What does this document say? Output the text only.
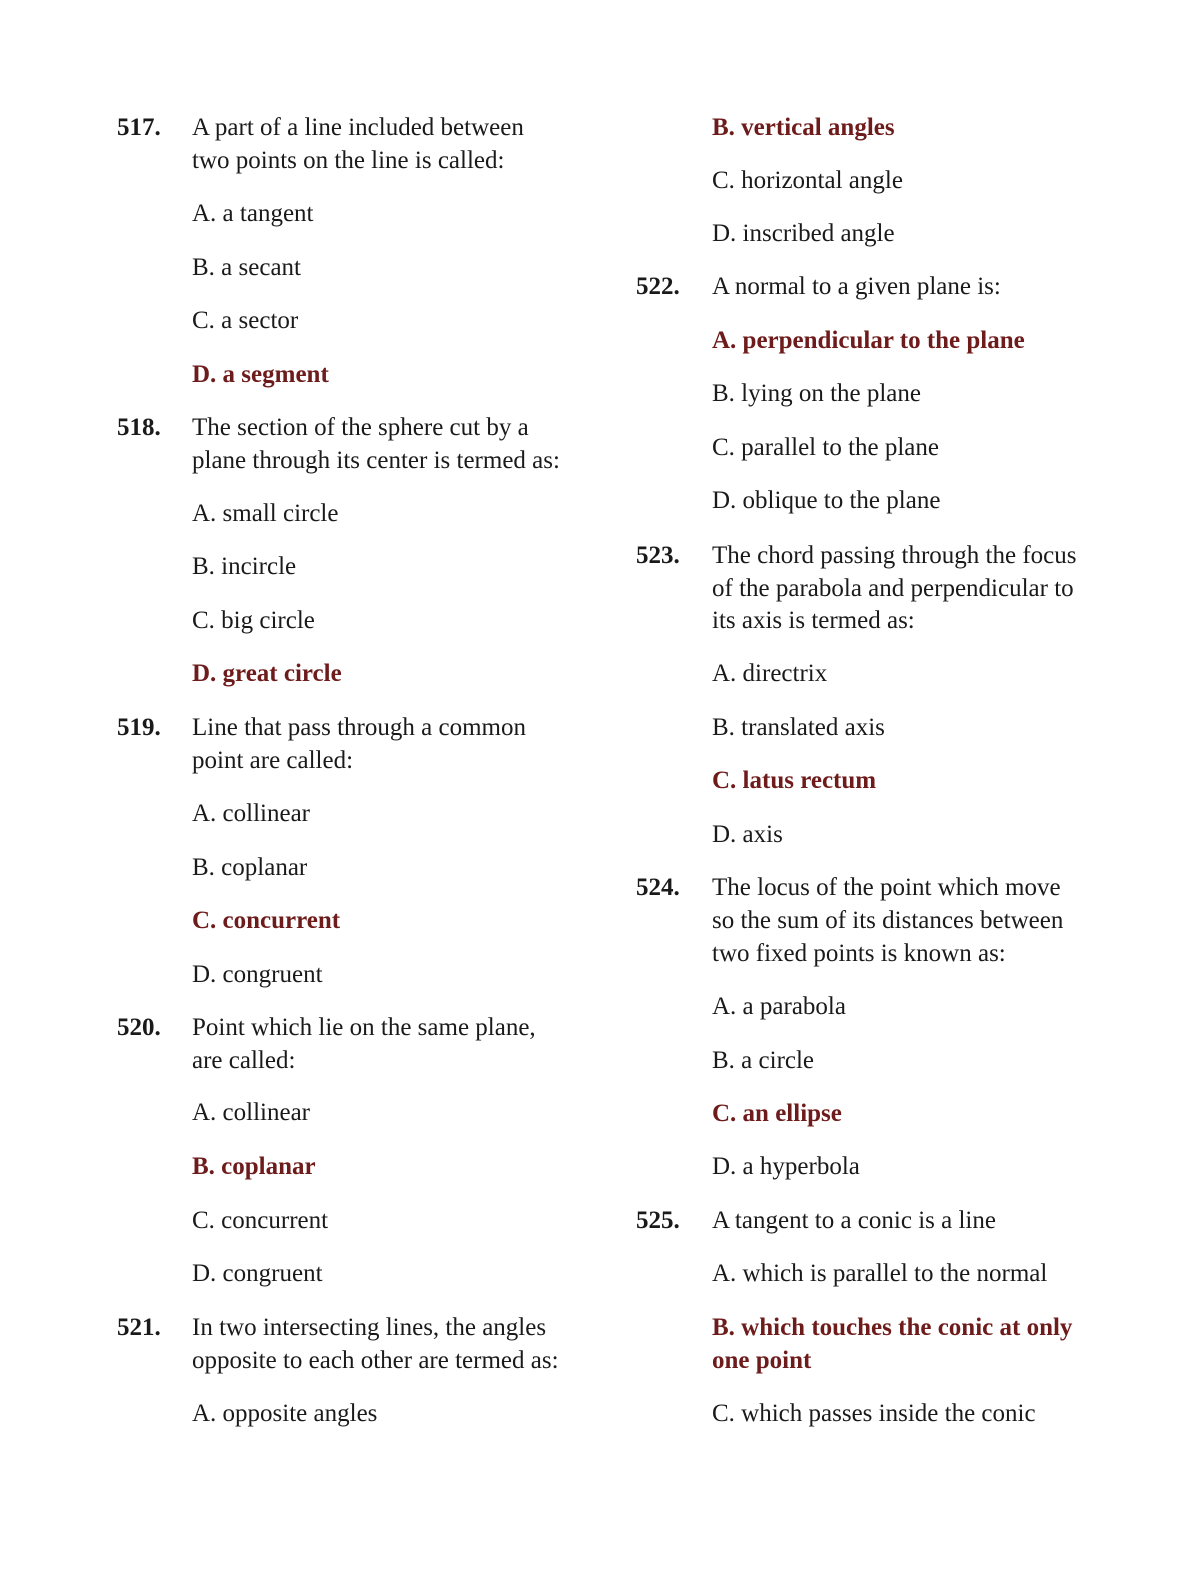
517. A part of a line included between
two points on the line is called:
A. a tangent
B. a secant
C. a sector
D. a segment
518. The section of the sphere cut by a
plane through its center is termed as:
A. small circle
B. incircle
C. big circle
D. great circle
519. Line that pass through a common
point are called:
A. collinear
B. coplanar
C. concurrent
D. congruent
520. Point which lie on the same plane,
are called:
A. collinear
B. coplanar
C. concurrent
D. congruent
521. In two intersecting lines, the angles
opposite to each other are termed as:
A. opposite angles
B. vertical angles
C. horizontal angle
D. inscribed angle
522. A normal to a given plane is:
A. perpendicular to the plane
B. lying on the plane
C. parallel to the plane
D. oblique to the plane
523. The chord passing through the focus
of the parabola and perpendicular to
its axis is termed as:
A. directrix
B. translated axis
C. latus rectum
D. axis
524. The locus of the point which move
so the sum of its distances between
two fixed points is known as:
A. a parabola
B. a circle
C. an ellipse
D. a hyperbola
525. A tangent to a conic is a line
A. which is parallel to the normal
B. which touches the conic at only
one point
C. which passes inside the conic
